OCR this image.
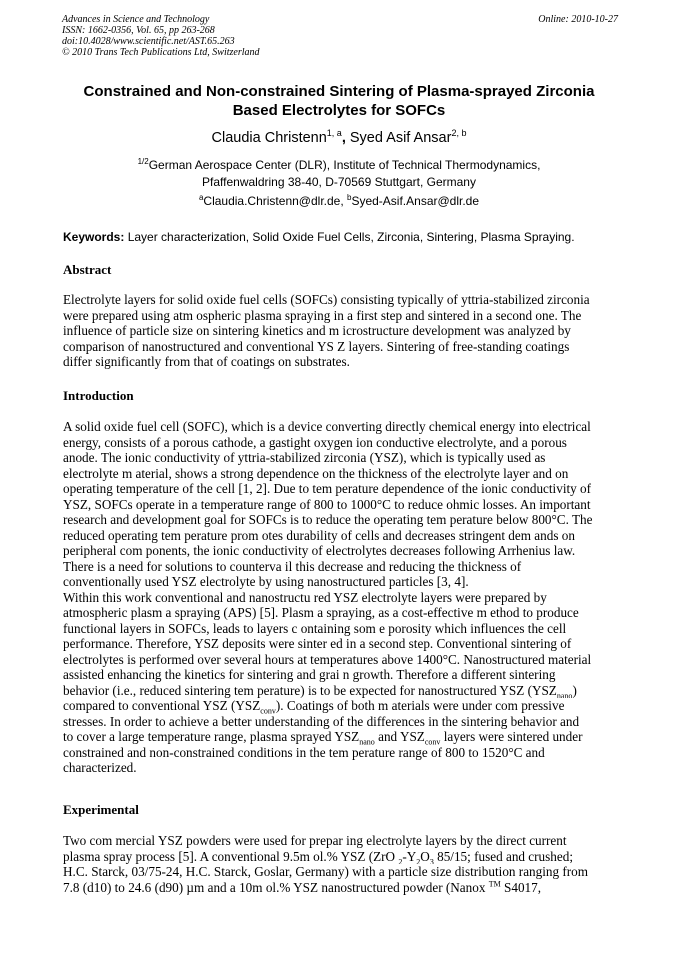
Advances in Science and Technology
ISSN: 1662-0356, Vol. 65, pp 263-268
doi:10.4028/www.scientific.net/AST.65.263
© 2010 Trans Tech Publications Ltd, Switzerland
Online: 2010-10-27
Constrained and Non-constrained Sintering of Plasma-sprayed Zirconia
Based Electrolytes for SOFCs
Claudia Christenn$^{1, a}$, Syed Asif Ansar$^{2, b}$
$^{1/2}$German Aerospace Center (DLR), Institute of Technical Thermodynamics,
Pfaffenwaldring 38-40, D-70569 Stuttgart, Germany
$^a$Claudia.Christenn@dlr.de, $^b$Syed-Asif.Ansar@dlr.de
Keywords: Layer characterization, Solid Oxide Fuel Cells, Zirconia, Sintering, Plasma Spraying.
Abstract
Electrolyte layers for solid oxide fuel cells (SOFCs) consisting typically of yttria-stabilized zirconia
were prepared using atm ospheric plasma spraying in a first step and sintered in a second one. The
influence of particle size on sintering kinetics and m icrostructure development was analyzed by
comparison of nanostructured and conventional YS Z layers. Sintering of free-standing coatings
differ significantly from that of coatings on substrates.
Introduction
A solid oxide fuel cell (SOFC), which is a device converting directly chemical energy into electrical
energy, consists of a porous cathode, a gastight oxygen ion conductive electrolyte, and a porous
anode. The ionic conductivity of yttria-stabilized zirconia (YSZ), which is typically used as
electrolyte m aterial, shows a strong dependence on the thickness of the electrolyte layer and on
operating temperature of the cell [1, 2]. Due to tem perature dependence of the ionic conductivity of
YSZ, SOFCs operate in a temperature range of 800 to 1000°C to reduce ohmic losses. An important
research and development goal for SOFCs is to reduce the operating tem perature below 800°C. The
reduced operating tem perature prom otes durability of cells and decreases stringent dem ands on
peripheral com ponents, the ionic conductivity of electrolytes decreases following Arrhenius law.
There is a need for solutions to counterva il this decrease and reducing the thickness of
conventionally used YSZ electrolyte by using nanostructured particles [3, 4].
Within this work conventional and nanostructu red YSZ electrolyte layers were prepared by
atmospheric plasm a spraying (APS) [5]. Plasm a spraying, as a cost-effective m ethod to produce
functional layers in SOFCs, leads to layers c ontaining som e porosity which influences the cell
performance. Therefore, YSZ deposits were sinter ed in a second step. Conventional sintering of
electrolytes is performed over several hours at temperatures above 1400°C. Nanostructured material
assisted enhancing the kinetics for sintering and grai n growth. Therefore a different sintering
behavior (i.e., reduced sintering tem perature) is to be expected for nanostructured YSZ $(YSZ_{nano})$
compared to conventional YSZ $(YSZ_{conv})$. Coatings of both m aterials were under com pressive
stresses. In order to achieve a better understanding of the differences in the sintering behavior and
to cover a large temperature range, plasma sprayed $YSZ_{nano}$ and $YSZ_{conv}$ layers were sintered under
constrained and non-constrained conditions in the tem perature range of 800 to 1520°C and
characterized.
Experimental
Two com mercial YSZ powders were used for prepar ing electrolyte layers by the direct current
plasma spray process [5]. A conventional 9.5m ol.% YSZ (ZrO $_2-Y_2O_3$ 85/15; fused and crushed;
H.C. Starck, 03/75-24, H.C. Starck, Goslar, Germany) with a particle size distribution ranging from
7.8 (d10) to 24.6 (d90) µm and a 10m ol.% YSZ nanostructured powder (Nanox ™ S4017,
